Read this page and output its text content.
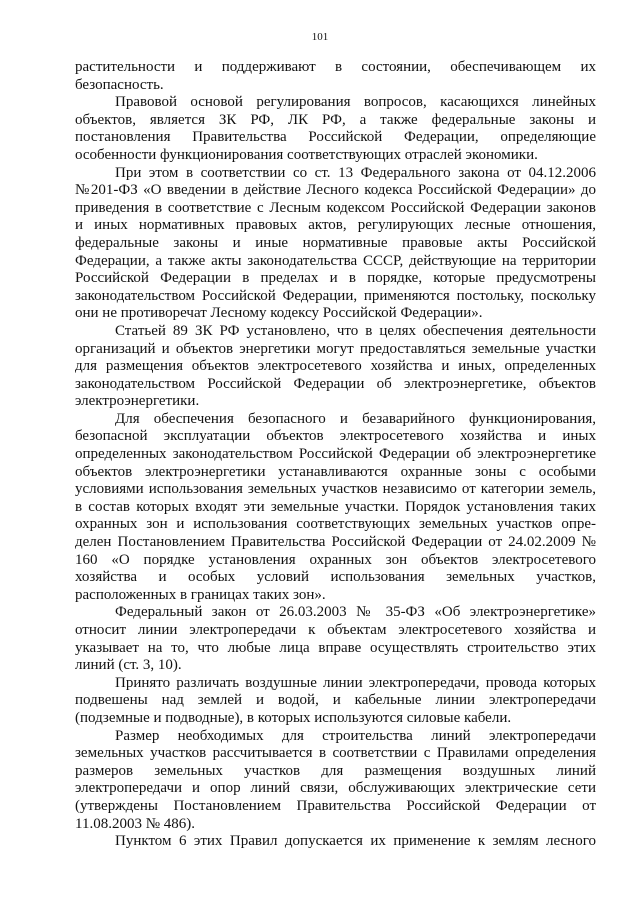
101
растительности и поддерживают в состоянии, обеспечивающем их
безопасность.
Правовой основой регулирования вопросов, касающихся линейных
объектов, является ЗК РФ, ЛК РФ, а также федеральные законы и
постановления Правительства Российской Федерации, определяющие
особенности функционирования соответствующих отраслей экономики.
При этом в соответствии со ст. 13 Федерального закона от 04.12.2006
№201-ФЗ «О введении в действие Лесного кодекса Российской Федерации» до
приведения в соответствие с Лесным кодексом Российской Федерации законов
и иных нормативных правовых актов, регулирующих лесные отношения,
федеральные законы и иные нормативные правовые акты Российской
Федерации, а также акты законодательства СССР, действующие на территории
Российской Федерации в пределах и в порядке, которые предусмотрены
законодательством Российской Федерации, применяются постольку, поскольку
они не противоречат Лесному кодексу Российской Федерации».
Статьей 89 ЗК РФ установлено, что в целях обеспечения деятельности
организаций и объектов энергетики могут предоставляться земельные участки
для размещения объектов электросетевого хозяйства и иных, определенных
законодательством Российской Федерации об электроэнергетике, объектов
электроэнергетики.
Для обеспечения безопасного и безаварийного функционирования,
безопасной эксплуатации объектов электросетевого хозяйства и иных
определенных законодательством Российской Федерации об электроэнергетике
объектов электроэнергетики устанавливаются охранные зоны с особыми
условиями использования земельных участков независимо от категории земель,
в состав которых входят эти земельные участки. Порядок установления таких
охранных зон и использования соответствующих земельных участков опре-
делен Постановлением Правительства Российской Федерации от 24.02.2009 №
160 «О порядке установления охранных зон объектов электросетевого
хозяйства и особых условий использования земельных участков,
расположенных в границах таких зон».
Федеральный закон от 26.03.2003 № 35-ФЗ «Об электроэнергетике»
относит линии электропередачи к объектам электросетевого хозяйства и
указывает на то, что любые лица вправе осуществлять строительство этих
линий (ст. 3, 10).
Принято различать воздушные линии электропередачи, провода которых
подвешены над землей и водой, и кабельные линии электропередачи
(подземные и подводные), в которых используются силовые кабели.
Размер необходимых для строительства линий электропередачи
земельных участков рассчитывается в соответствии с Правилами определения
размеров земельных участков для размещения воздушных линий
электропередачи и опор линий связи, обслуживающих электрические сети
(утверждены Постановлением Правительства Российской Федерации от
11.08.2003 № 486).
Пунктом 6 этих Правил допускается их применение к землям лесного
